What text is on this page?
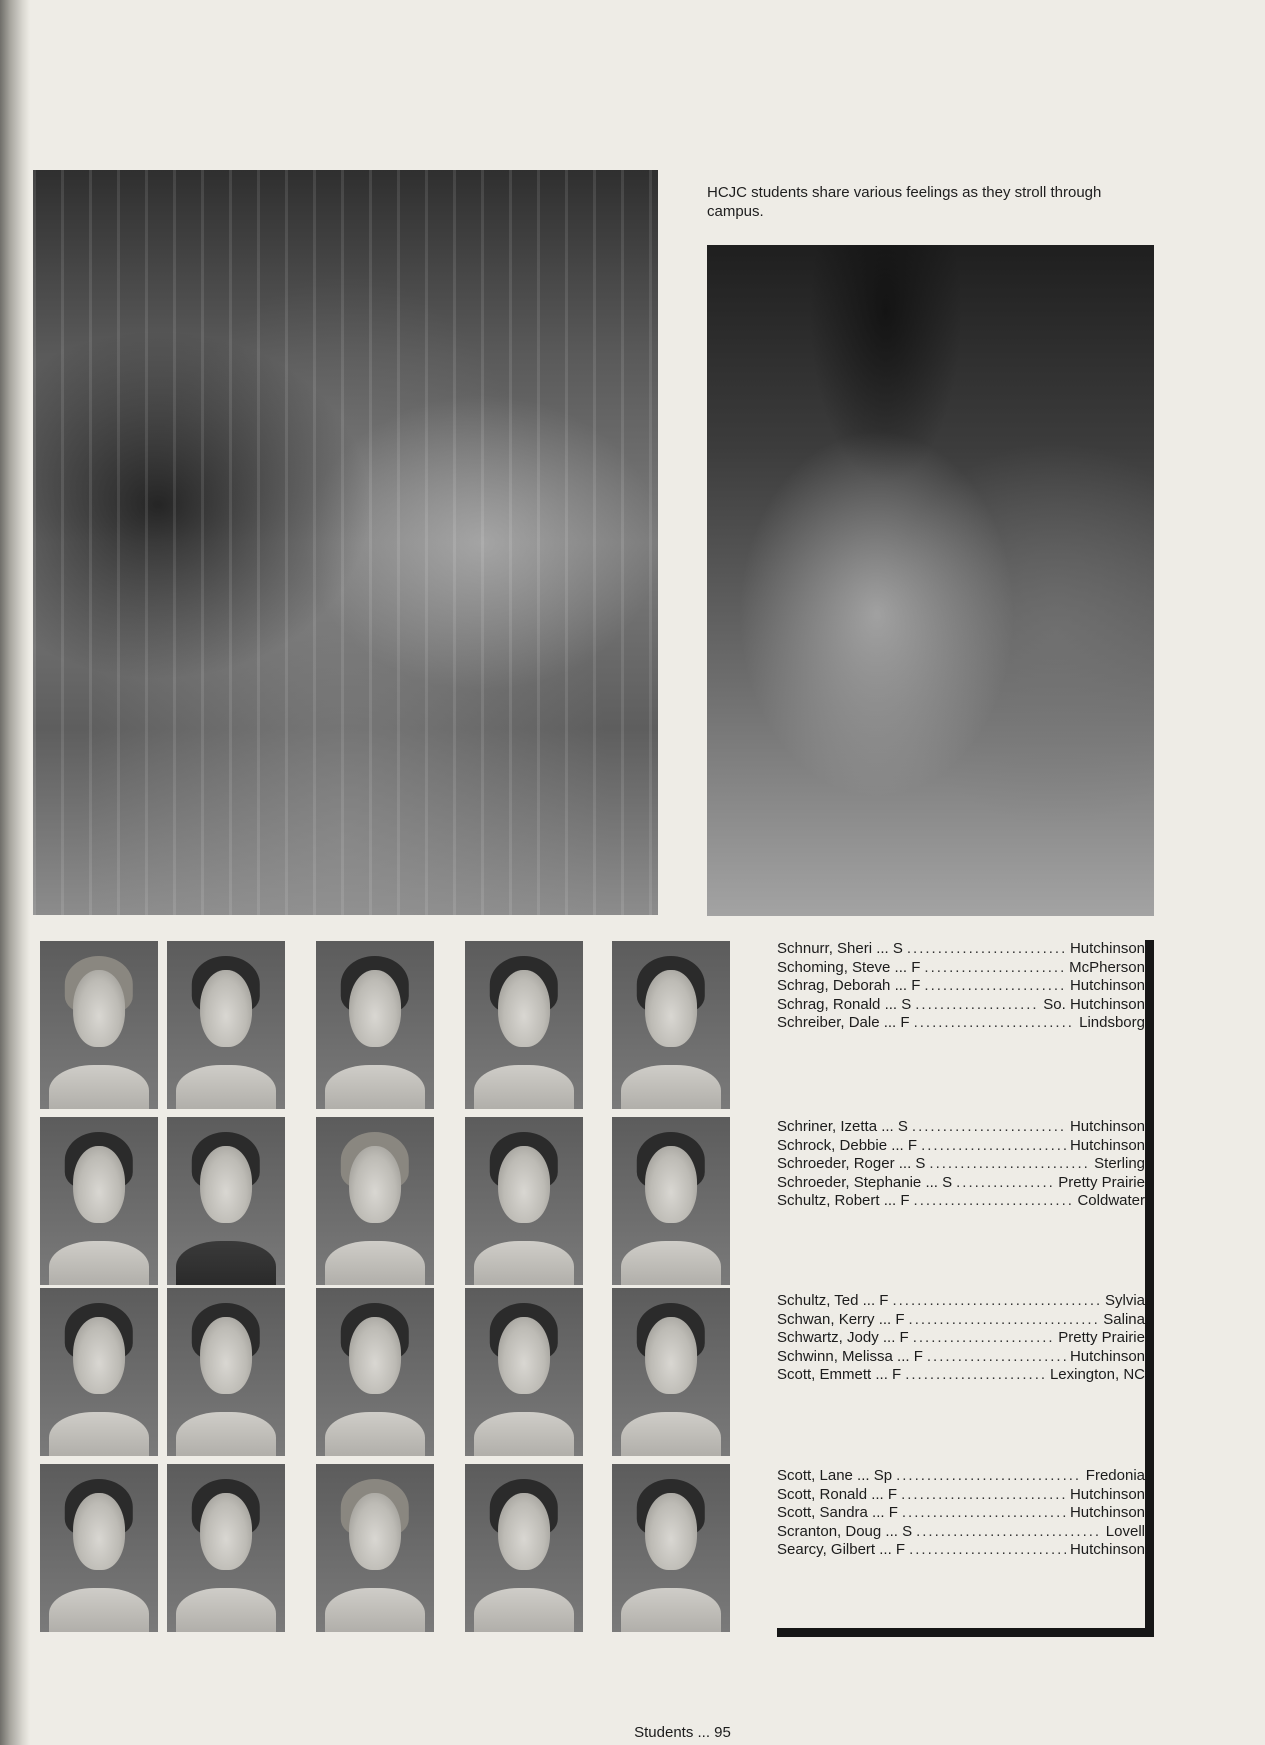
HCJC students share various feelings as they stroll through campus.
Schnurr, Sheri ... S .....	Hutchinson
Schoming, Steve ... F .....	McPherson
Schrag, Deborah ... F .....	Hutchinson
Schrag, Ronald ... S .....	So. Hutchinson
Schreiber, Dale ... F .....	Lindsborg
Schriner, Izetta ... S .....	Hutchinson
Schrock, Debbie ... F .....	Hutchinson
Schroeder, Roger ... S .....	Sterling
Schroeder, Stephanie ... S .....	Pretty Prairie
Schultz, Robert ... F .....	Coldwater
Schultz, Ted ... F .....	Sylvia
Schwan, Kerry ... F .....	Salina
Schwartz, Jody ... F .....	Pretty Prairie
Schwinn, Melissa ... F .....	Hutchinson
Scott, Emmett ... F .....	Lexington, NC
Scott, Lane ... Sp .....	Fredonia
Scott, Ronald ... F .....	Hutchinson
Scott, Sandra ... F .....	Hutchinson
Scranton, Doug ... S .....	Lovell
Searcy, Gilbert ... F .....	Hutchinson
Students ... 95
